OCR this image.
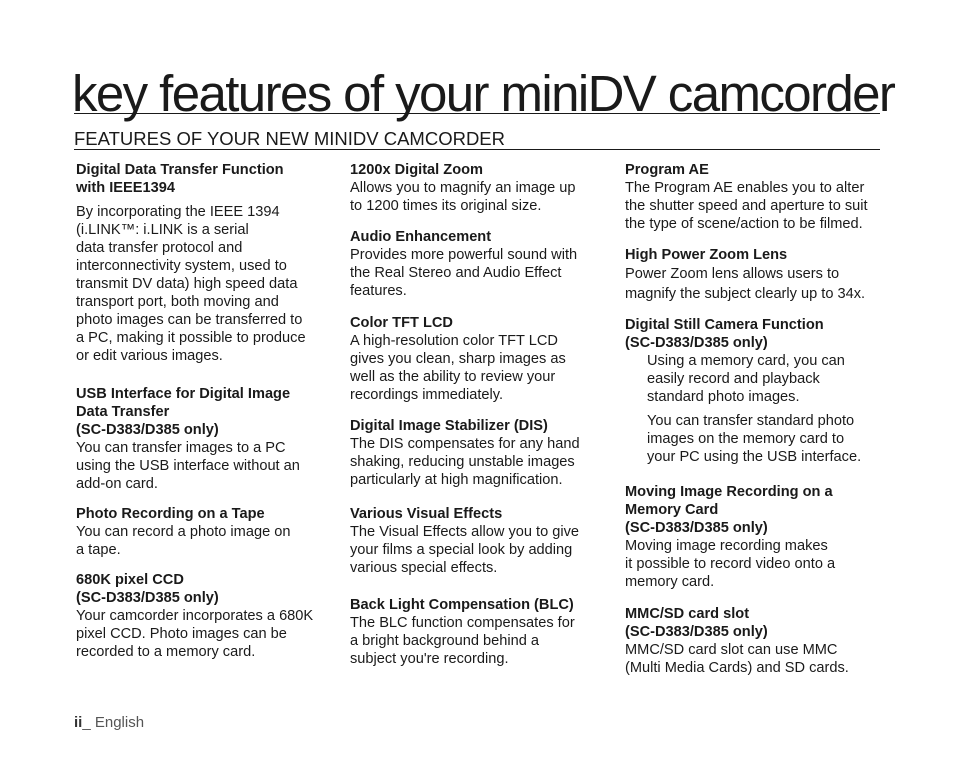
key features of your miniDV camcorder
FEATURES OF YOUR NEW MINIDV CAMCORDER
Digital Data Transfer Function
with IEEE1394
By incorporating the IEEE 1394
(i.LINK™: i.LINK is a serial
data transfer protocol and
interconnectivity system, used to
transmit DV data) high speed data
transport port, both moving and
photo images can be transferred to
a PC, making it possible to produce
or edit various images.
USB Interface for Digital Image
Data Transfer
(SC-D383/D385 only)
You can transfer images to a PC
using the USB interface without an
add-on card.
Photo Recording on a Tape
You can record a photo image on
a tape.
680K pixel CCD
(SC-D383/D385 only)
Your camcorder incorporates a 680K
pixel CCD. Photo images can be
recorded to a memory card.
1200x Digital Zoom
Allows you to magnify an image up
to 1200 times its original size.
Audio Enhancement
Provides more powerful sound with
the Real Stereo and Audio Effect
features.
Color TFT LCD
A high-resolution color TFT LCD
gives you clean, sharp images as
well as the ability to review your
recordings immediately.
Digital Image Stabilizer (DIS)
The DIS compensates for any hand
shaking, reducing unstable images
particularly at high magnification.
Various Visual Effects
The Visual Effects allow you to give
your films a special look by adding
various special effects.
Back Light Compensation (BLC)
The BLC function compensates for
a bright background behind a
subject you're recording.
Program AE
The Program AE enables you to alter
the shutter speed and aperture to suit
the type of scene/action to be filmed.
High Power Zoom Lens
Power Zoom lens allows users to
magnify the subject clearly up to 34x.
Digital Still Camera Function
(SC-D383/D385 only)
Using a memory card, you can
easily record and playback
standard photo images.
You can transfer standard photo
images on the memory card to
your PC using the USB interface.
Moving Image Recording on a
Memory Card
(SC-D383/D385 only)
Moving image recording makes
it possible to record video onto a
memory card.
MMC/SD card slot
(SC-D383/D385 only)
MMC/SD card slot can use MMC
(Multi Media Cards) and SD cards.
ii_ English
